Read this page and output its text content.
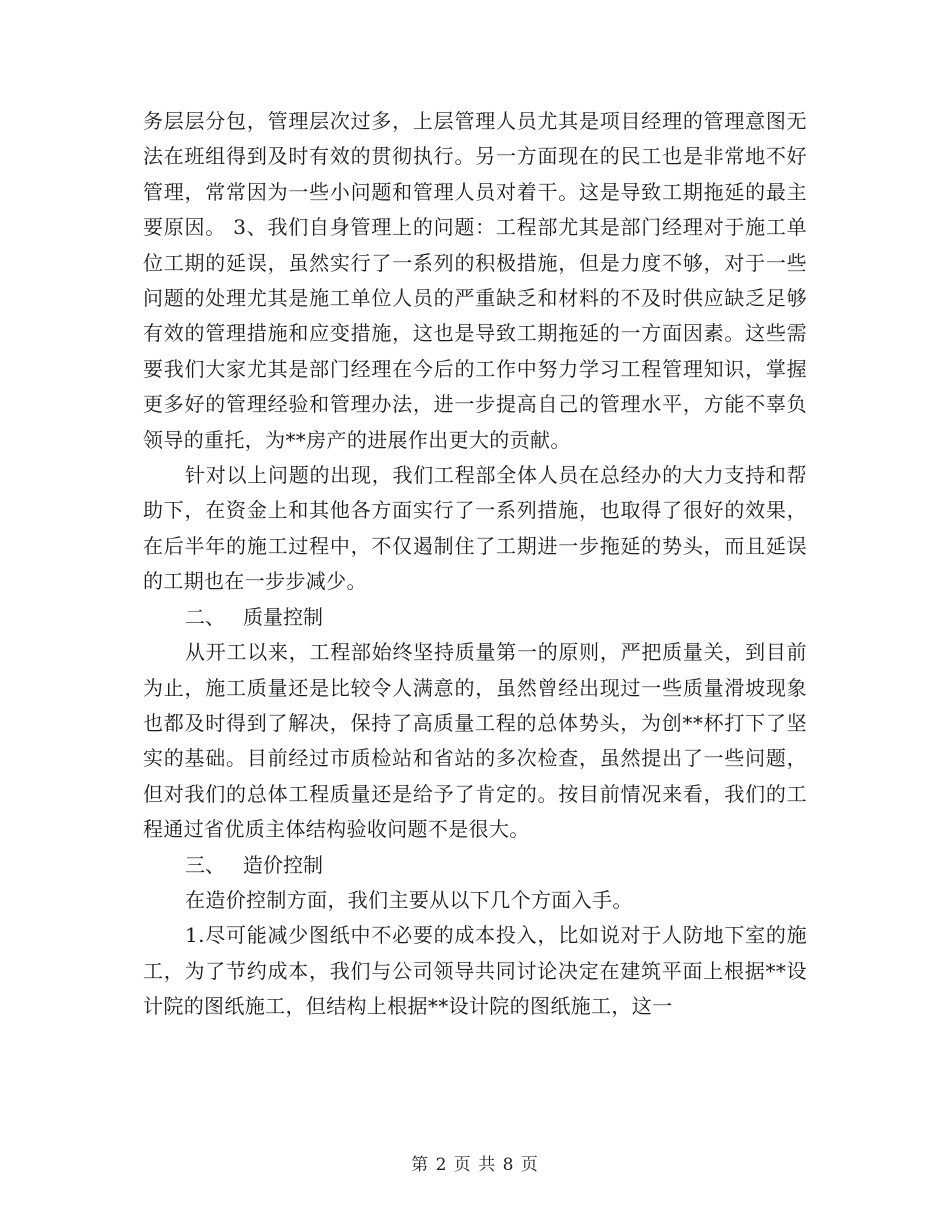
务层层分包，管理层次过多，上层管理人员尤其是项目经理的管理意图无法在班组得到及时有效的贯彻执行。另一方面现在的民工也是非常地不好管理，常常因为一些小问题和管理人员对着干。这是导致工期拖延的最主要原因。 3、我们自身管理上的问题：工程部尤其是部门经理对于施工单位工期的延误，虽然实行了一系列的积极措施，但是力度不够，对于一些问题的处理尤其是施工单位人员的严重缺乏和材料的不及时供应缺乏足够有效的管理措施和应变措施，这也是导致工期拖延的一方面因素。这些需要我们大家尤其是部门经理在今后的工作中努力学习工程管理知识，掌握更多好的管理经验和管理办法，进一步提高自己的管理水平，方能不辜负领导的重托，为**房产的进展作出更大的贡献。

针对以上问题的出现，我们工程部全体人员在总经办的大力支持和帮助下，在资金上和其他各方面实行了一系列措施，也取得了很好的效果，在后半年的施工过程中，不仅遏制住了工期进一步拖延的势头，而且延误的工期也在一步步减少。

二、 质量控制

从开工以来，工程部始终坚持质量第一的原则，严把质量关，到目前为止，施工质量还是比较令人满意的，虽然曾经出现过一些质量滑坡现象也都及时得到了解决，保持了高质量工程的总体势头，为创**杯打下了坚实的基础。目前经过市质检站和省站的多次检查，虽然提出了一些问题，但对我们的总体工程质量还是给予了肯定的。按目前情况来看，我们的工程通过省优质主体结构验收问题不是很大。

三、 造价控制

在造价控制方面，我们主要从以下几个方面入手。

1.尽可能减少图纸中不必要的成本投入，比如说对于人防地下室的施工，为了节约成本，我们与公司领导共同讨论决定在建筑平面上根据**设计院的图纸施工，但结构上根据**设计院的图纸施工，这一

第 2 页 共 8 页
